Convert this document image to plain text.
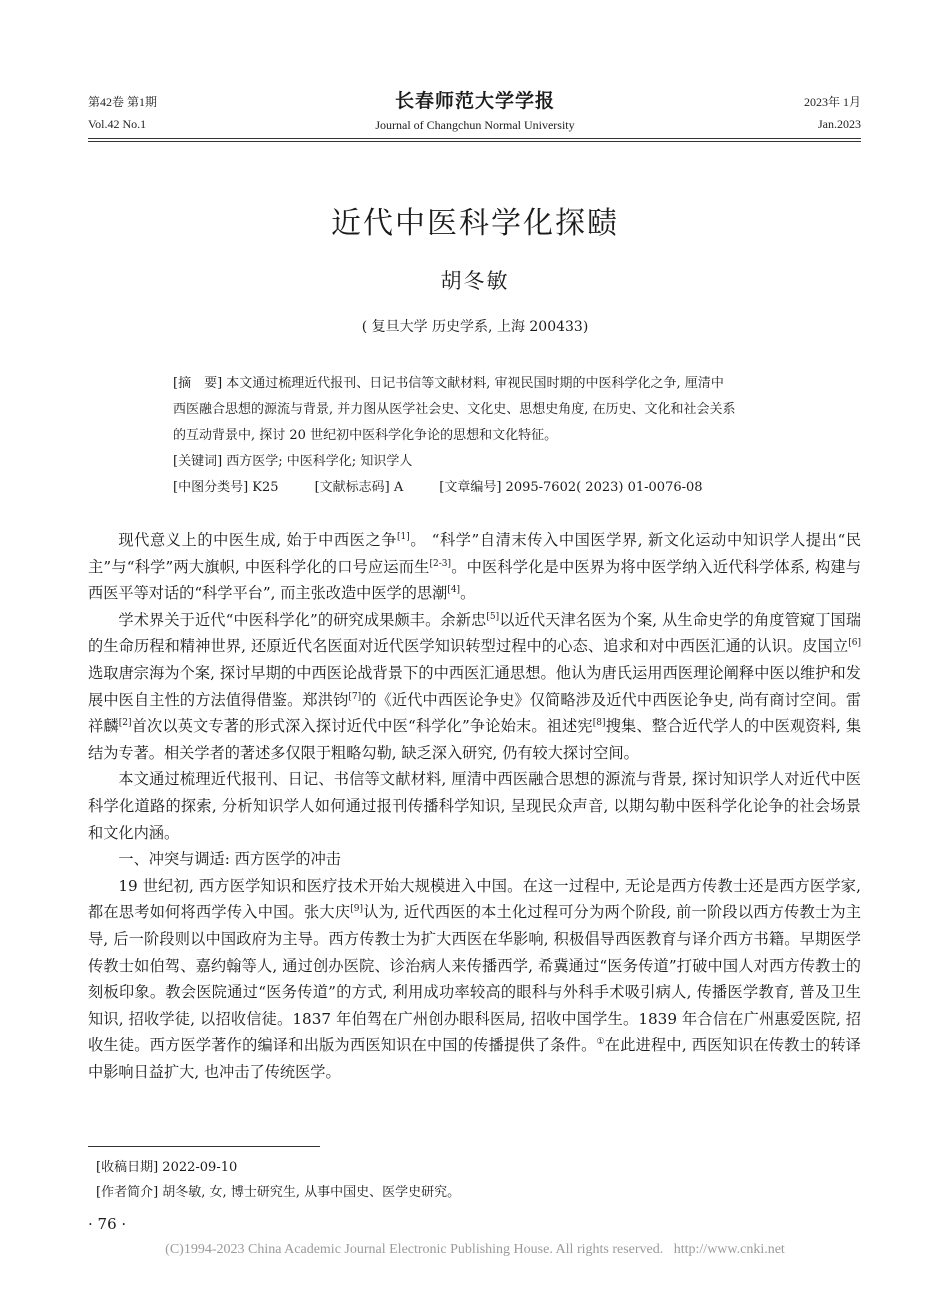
第42卷 第1期
Vol.42 No.1
长春师范大学学报
Journal of Changchun Normal University
2023年 1月
Jan.2023
近代中医科学化探赜
胡冬敏
( 复旦大学 历史学系, 上海 200433)
[摘　要] 本文通过梳理近代报刊、日记书信等文献材料, 审视民国时期的中医科学化之争, 厘清中
西医融合思想的源流与背景, 并力图从医学社会史、文化史、思想史角度, 在历史、文化和社会关系
的互动背景中, 探讨 20 世纪初中医科学化争论的思想和文化特征。
[关键词] 西方医学; 中医科学化; 知识学人
[中图分类号] K25	[文献标志码] A	[文章编号] 2095-7602( 2023) 01-0076-08

现代意义上的中医生成, 始于中西医之争[1]。 “科学”自清末传入中国医学界, 新文化运动中知识学人提出“民主”与“科学”两大旗帜, 中医科学化的口号应运而生[2-3]。中医科学化是中医界为将中医学纳入近代科学体系, 构建与西医平等对话的“科学平台”, 而主张改造中医学的思潮[4]。

学术界关于近代“中医科学化”的研究成果颇丰。余新忠[5]以近代天津名医为个案, 从生命史学的角度管窥丁国瑞的生命历程和精神世界, 还原近代名医面对近代医学知识转型过程中的心态、追求和对中西医汇通的认识。皮国立[6]选取唐宗海为个案, 探讨早期的中西医论战背景下的中西医汇通思想。他认为唐氏运用西医理论阐释中医以维护和发展中医自主性的方法值得借鉴。郑洪钧[7]的《近代中西医论争史》仅简略涉及近代中西医论争史, 尚有商讨空间。雷祥麟[2]首次以英文专著的形式深入探讨近代中医“科学化”争论始末。祖述宪[8]搜集、整合近代学人的中医观资料, 集结为专著。相关学者的著述多仅限于粗略勾勒, 缺乏深入研究, 仍有较大探讨空间。

本文通过梳理近代报刊、日记、书信等文献材料, 厘清中西医融合思想的源流与背景, 探讨知识学人对近代中医科学化道路的探索, 分析知识学人如何通过报刊传播科学知识, 呈现民众声音, 以期勾勒中医科学化论争的社会场景和文化内涵。

一、冲突与调适: 西方医学的冲击

19 世纪初, 西方医学知识和医疗技术开始大规模进入中国。在这一过程中, 无论是西方传教士还是西方医学家, 都在思考如何将西学传入中国。张大庆[9]认为, 近代西医的本土化过程可分为两个阶段, 前一阶段以西方传教士为主导, 后一阶段则以中国政府为主导。西方传教士为扩大西医在华影响, 积极倡导西医教育与译介西方书籍。早期医学传教士如伯驾、嘉约翰等人, 通过创办医院、诊治病人来传播西学, 希冀通过“医务传道”打破中国人对西方传教士的刻板印象。教会医院通过“医务传道”的方式, 利用成功率较高的眼科与外科手术吸引病人, 传播医学教育, 普及卫生知识, 招收学徒, 以招收信徒。1837 年伯驾在广州创办眼科医局, 招收中国学生。1839 年合信在广州惠爱医院, 招收生徒。西方医学著作的编译和出版为西医知识在中国的传播提供了条件。①在此进程中, 西医知识在传教士的转译中影响日益扩大, 也冲击了传统医学。

[收稿日期] 2022-09-10
[作者简介] 胡冬敏, 女, 博士研究生, 从事中国史、医学史研究。
· 76 ·
(C)1994-2023 China Academic Journal Electronic Publishing House. All rights reserved.   http://www.cnki.net
